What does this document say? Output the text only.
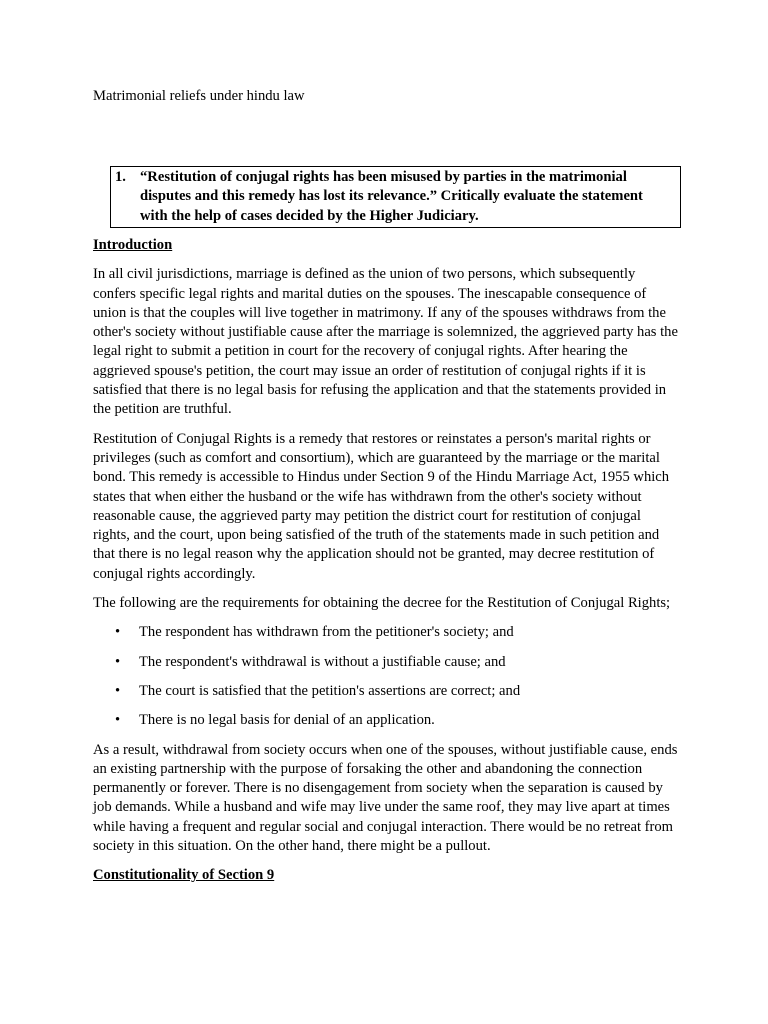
Matrimonial reliefs under hindu law

1. “Restitution of conjugal rights has been misused by parties in the matrimonial disputes and this remedy has lost its relevance.” Critically evaluate the statement with the help of cases decided by the Higher Judiciary.

Introduction

In all civil jurisdictions, marriage is defined as the union of two persons, which subsequently confers specific legal rights and marital duties on the spouses. The inescapable consequence of union is that the couples will live together in matrimony. If any of the spouses withdraws from the other's society without justifiable cause after the marriage is solemnized, the aggrieved party has the legal right to submit a petition in court for the recovery of conjugal rights. After hearing the aggrieved spouse's petition, the court may issue an order of restitution of conjugal rights if it is satisfied that there is no legal basis for refusing the application and that the statements provided in the petition are truthful.

Restitution of Conjugal Rights is a remedy that restores or reinstates a person's marital rights or privileges (such as comfort and consortium), which are guaranteed by the marriage or the marital bond. This remedy is accessible to Hindus under Section 9 of the Hindu Marriage Act, 1955 which states that when either the husband or the wife has withdrawn from the other's society without reasonable cause, the aggrieved party may petition the district court for restitution of conjugal rights, and the court, upon being satisfied of the truth of the statements made in such petition and that there is no legal reason why the application should not be granted, may decree restitution of conjugal rights accordingly.

The following are the requirements for obtaining the decree for the Restitution of Conjugal Rights;

•	The respondent has withdrawn from the petitioner's society; and
•	The respondent's withdrawal is without a justifiable cause; and
•	The court is satisfied that the petition's assertions are correct; and
•	There is no legal basis for denial of an application.

As a result, withdrawal from society occurs when one of the spouses, without justifiable cause, ends an existing partnership with the purpose of forsaking the other and abandoning the connection permanently or forever. There is no disengagement from society when the separation is caused by job demands. While a husband and wife may live under the same roof, they may live apart at times while having a frequent and regular social and conjugal interaction. There would be no retreat from society in this situation. On the other hand, there might be a pullout.

Constitutionality of Section 9
